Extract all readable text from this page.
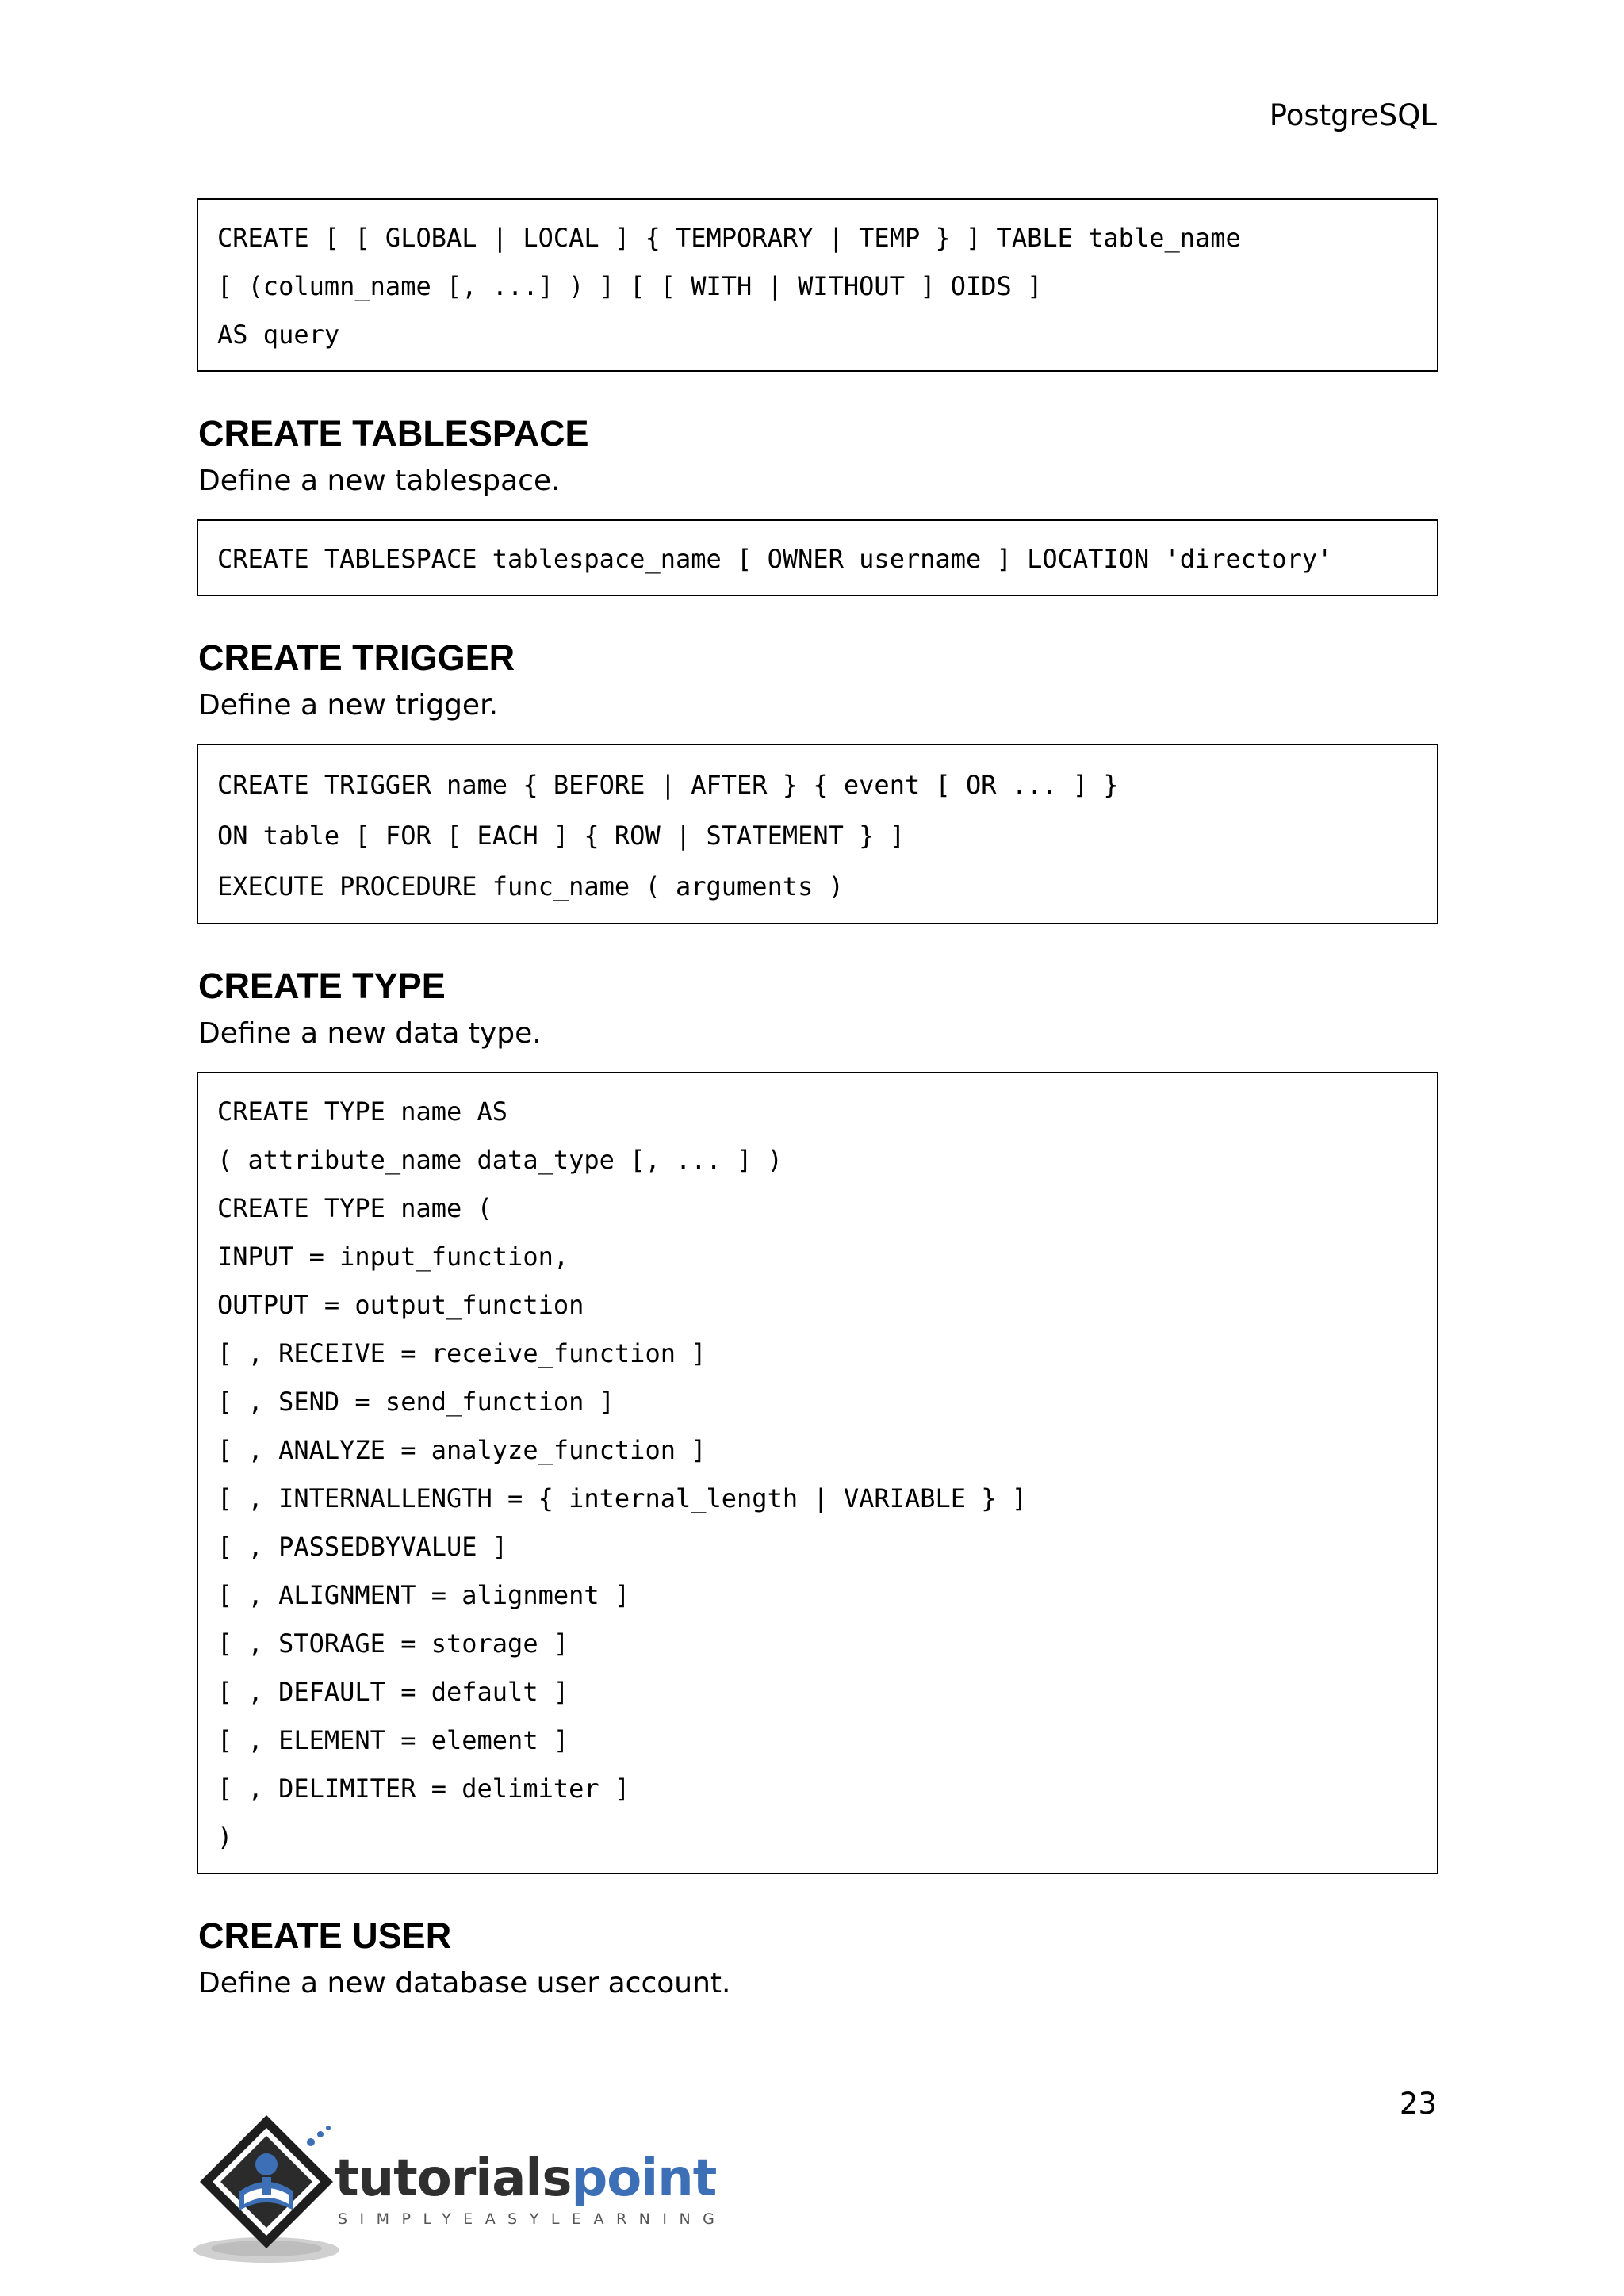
PostgreSQL
CREATE [ [ GLOBAL | LOCAL ] { TEMPORARY | TEMP } ] TABLE table_name
[ (column_name [, ...] ) ] [ [ WITH | WITHOUT ] OIDS ]
AS query
CREATE TABLESPACE
Define a new tablespace.
CREATE TABLESPACE tablespace_name [ OWNER username ] LOCATION 'directory'
CREATE TRIGGER
Define a new trigger.
CREATE TRIGGER name { BEFORE | AFTER } { event [ OR ... ] }
ON table [ FOR [ EACH ] { ROW | STATEMENT } ]
EXECUTE PROCEDURE func_name ( arguments )
CREATE TYPE
Define a new data type.
CREATE TYPE name AS
( attribute_name data_type [, ... ] )
CREATE TYPE name (
INPUT = input_function,
OUTPUT = output_function
[ , RECEIVE = receive_function ]
[ , SEND = send_function ]
[ , ANALYZE = analyze_function ]
[ , INTERNALLENGTH = { internal_length | VARIABLE } ]
[ , PASSEDBYVALUE ]
[ , ALIGNMENT = alignment ]
[ , STORAGE = storage ]
[ , DEFAULT = default ]
[ , ELEMENT = element ]
[ , DELIMITER = delimiter ]
)
CREATE USER
Define a new database user account.
23
tutorialspoint
SIMPLYEASYLEARNING
